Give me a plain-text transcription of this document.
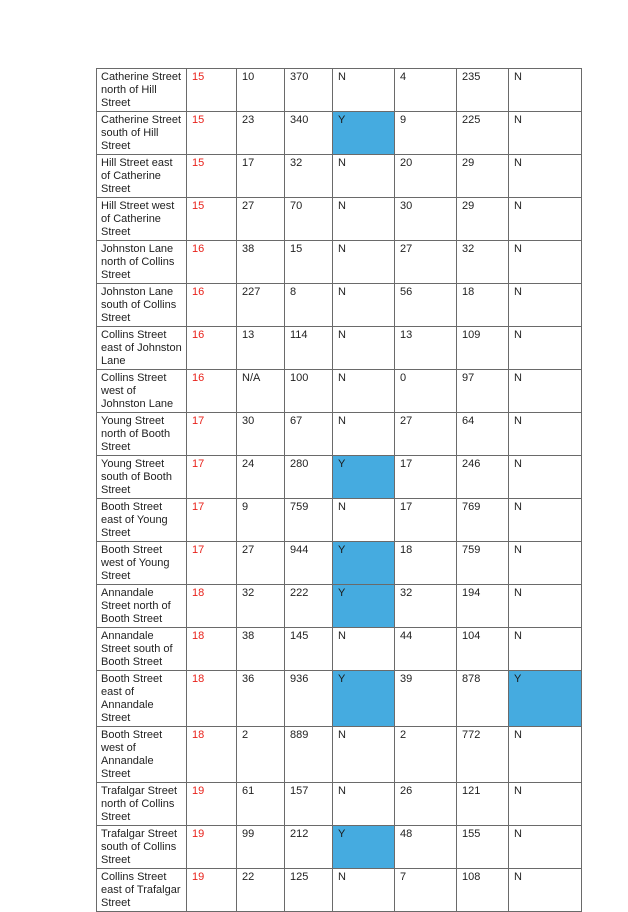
Catherine Street north of Hill Street	15	10	370	N	4	235	N
Catherine Street south of Hill Street	15	23	340	Y	9	225	N
Hill Street east of Catherine Street	15	17	32	N	20	29	N
Hill Street west of Catherine Street	15	27	70	N	30	29	N
Johnston Lane north of Collins Street	16	38	15	N	27	32	N
Johnston Lane south of Collins Street	16	227	8	N	56	18	N
Collins Street east of Johnston Lane	16	13	114	N	13	109	N
Collins Street west of Johnston Lane	16	N/A	100	N	0	97	N
Young Street north of Booth Street	17	30	67	N	27	64	N
Young Street south of Booth Street	17	24	280	Y	17	246	N
Booth Street east of Young Street	17	9	759	N	17	769	N
Booth Street west of Young Street	17	27	944	Y	18	759	N
Annandale Street north of Booth Street	18	32	222	Y	32	194	N
Annandale Street south of Booth Street	18	38	145	N	44	104	N
Booth Street east of Annandale Street	18	36	936	Y	39	878	Y
Booth Street west of Annandale Street	18	2	889	N	2	772	N
Trafalgar Street north of Collins Street	19	61	157	N	26	121	N
Trafalgar Street south of Collins Street	19	99	212	Y	48	155	N
Collins Street east of Trafalgar Street	19	22	125	N	7	108	N
